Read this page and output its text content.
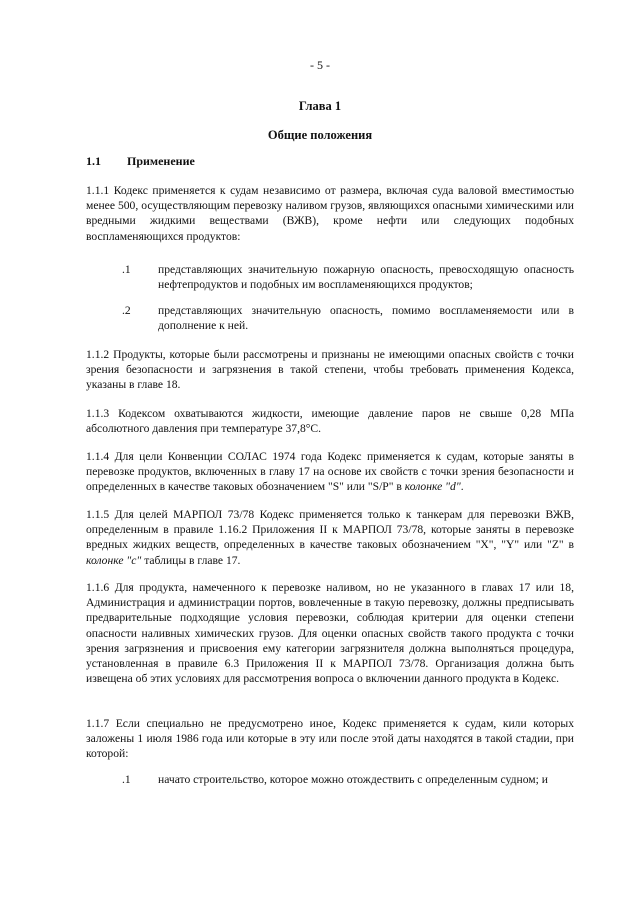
- 5 -
Глава 1
Общие положения
1.1 Применение

1.1.1 Кодекс применяется к судам независимо от размера, включая суда валовой вместимостью менее 500, осуществляющим перевозку наливом грузов, являющихся опасными химическими или вредными жидкими веществами (ВЖВ), кроме нефти или следующих подобных воспламеняющихся продуктов:

.1 представляющих значительную пожарную опасность, превосходящую опасность нефтепродуктов и подобных им воспламеняющихся продуктов;
.2 представляющих значительную опасность, помимо воспламеняемости или в дополнение к ней.

1.1.2 Продукты, которые были рассмотрены и признаны не имеющими опасных свойств с точки зрения безопасности и загрязнения в такой степени, чтобы требовать применения Кодекса, указаны в главе 18.

1.1.3 Кодексом охватываются жидкости, имеющие давление паров не свыше 0,28 МПа абсолютного давления при температуре 37,8°С.

1.1.4 Для цели Конвенции СОЛАС 1974 года Кодекс применяется к судам, которые заняты в перевозке продуктов, включенных в главу 17 на основе их свойств с точки зрения безопасности и определенных в качестве таковых обозначением "S" или "S/P" в колонке "d".

1.1.5 Для целей МАРПОЛ 73/78 Кодекс применяется только к танкерам для перевозки ВЖВ, определенным в правиле 1.16.2 Приложения II к МАРПОЛ 73/78, которые заняты в перевозке вредных жидких веществ, определенных в качестве таковых обозначением "X", "Y" или "Z" в колонке "с" таблицы в главе 17.

1.1.6 Для продукта, намеченного к перевозке наливом, но не указанного в главах 17 или 18, Администрация и администрации портов, вовлеченные в такую перевозку, должны предписывать предварительные подходящие условия перевозки, соблюдая критерии для оценки степени опасности наливных химических грузов. Для оценки опасных свойств такого продукта с точки зрения загрязнения и присвоения ему категории загрязнителя должна выполняться процедура, установленная в правиле 6.3 Приложения II к МАРПОЛ 73/78. Организация должна быть извещена об этих условиях для рассмотрения вопроса о включении данного продукта в Кодекс.

1.1.7 Если специально не предусмотрено иное, Кодекс применяется к судам, кили которых заложены 1 июля 1986 года или которые в эту или после этой даты находятся в такой стадии, при которой:

.1 начато строительство, которое можно отождествить с определенным судном; и
